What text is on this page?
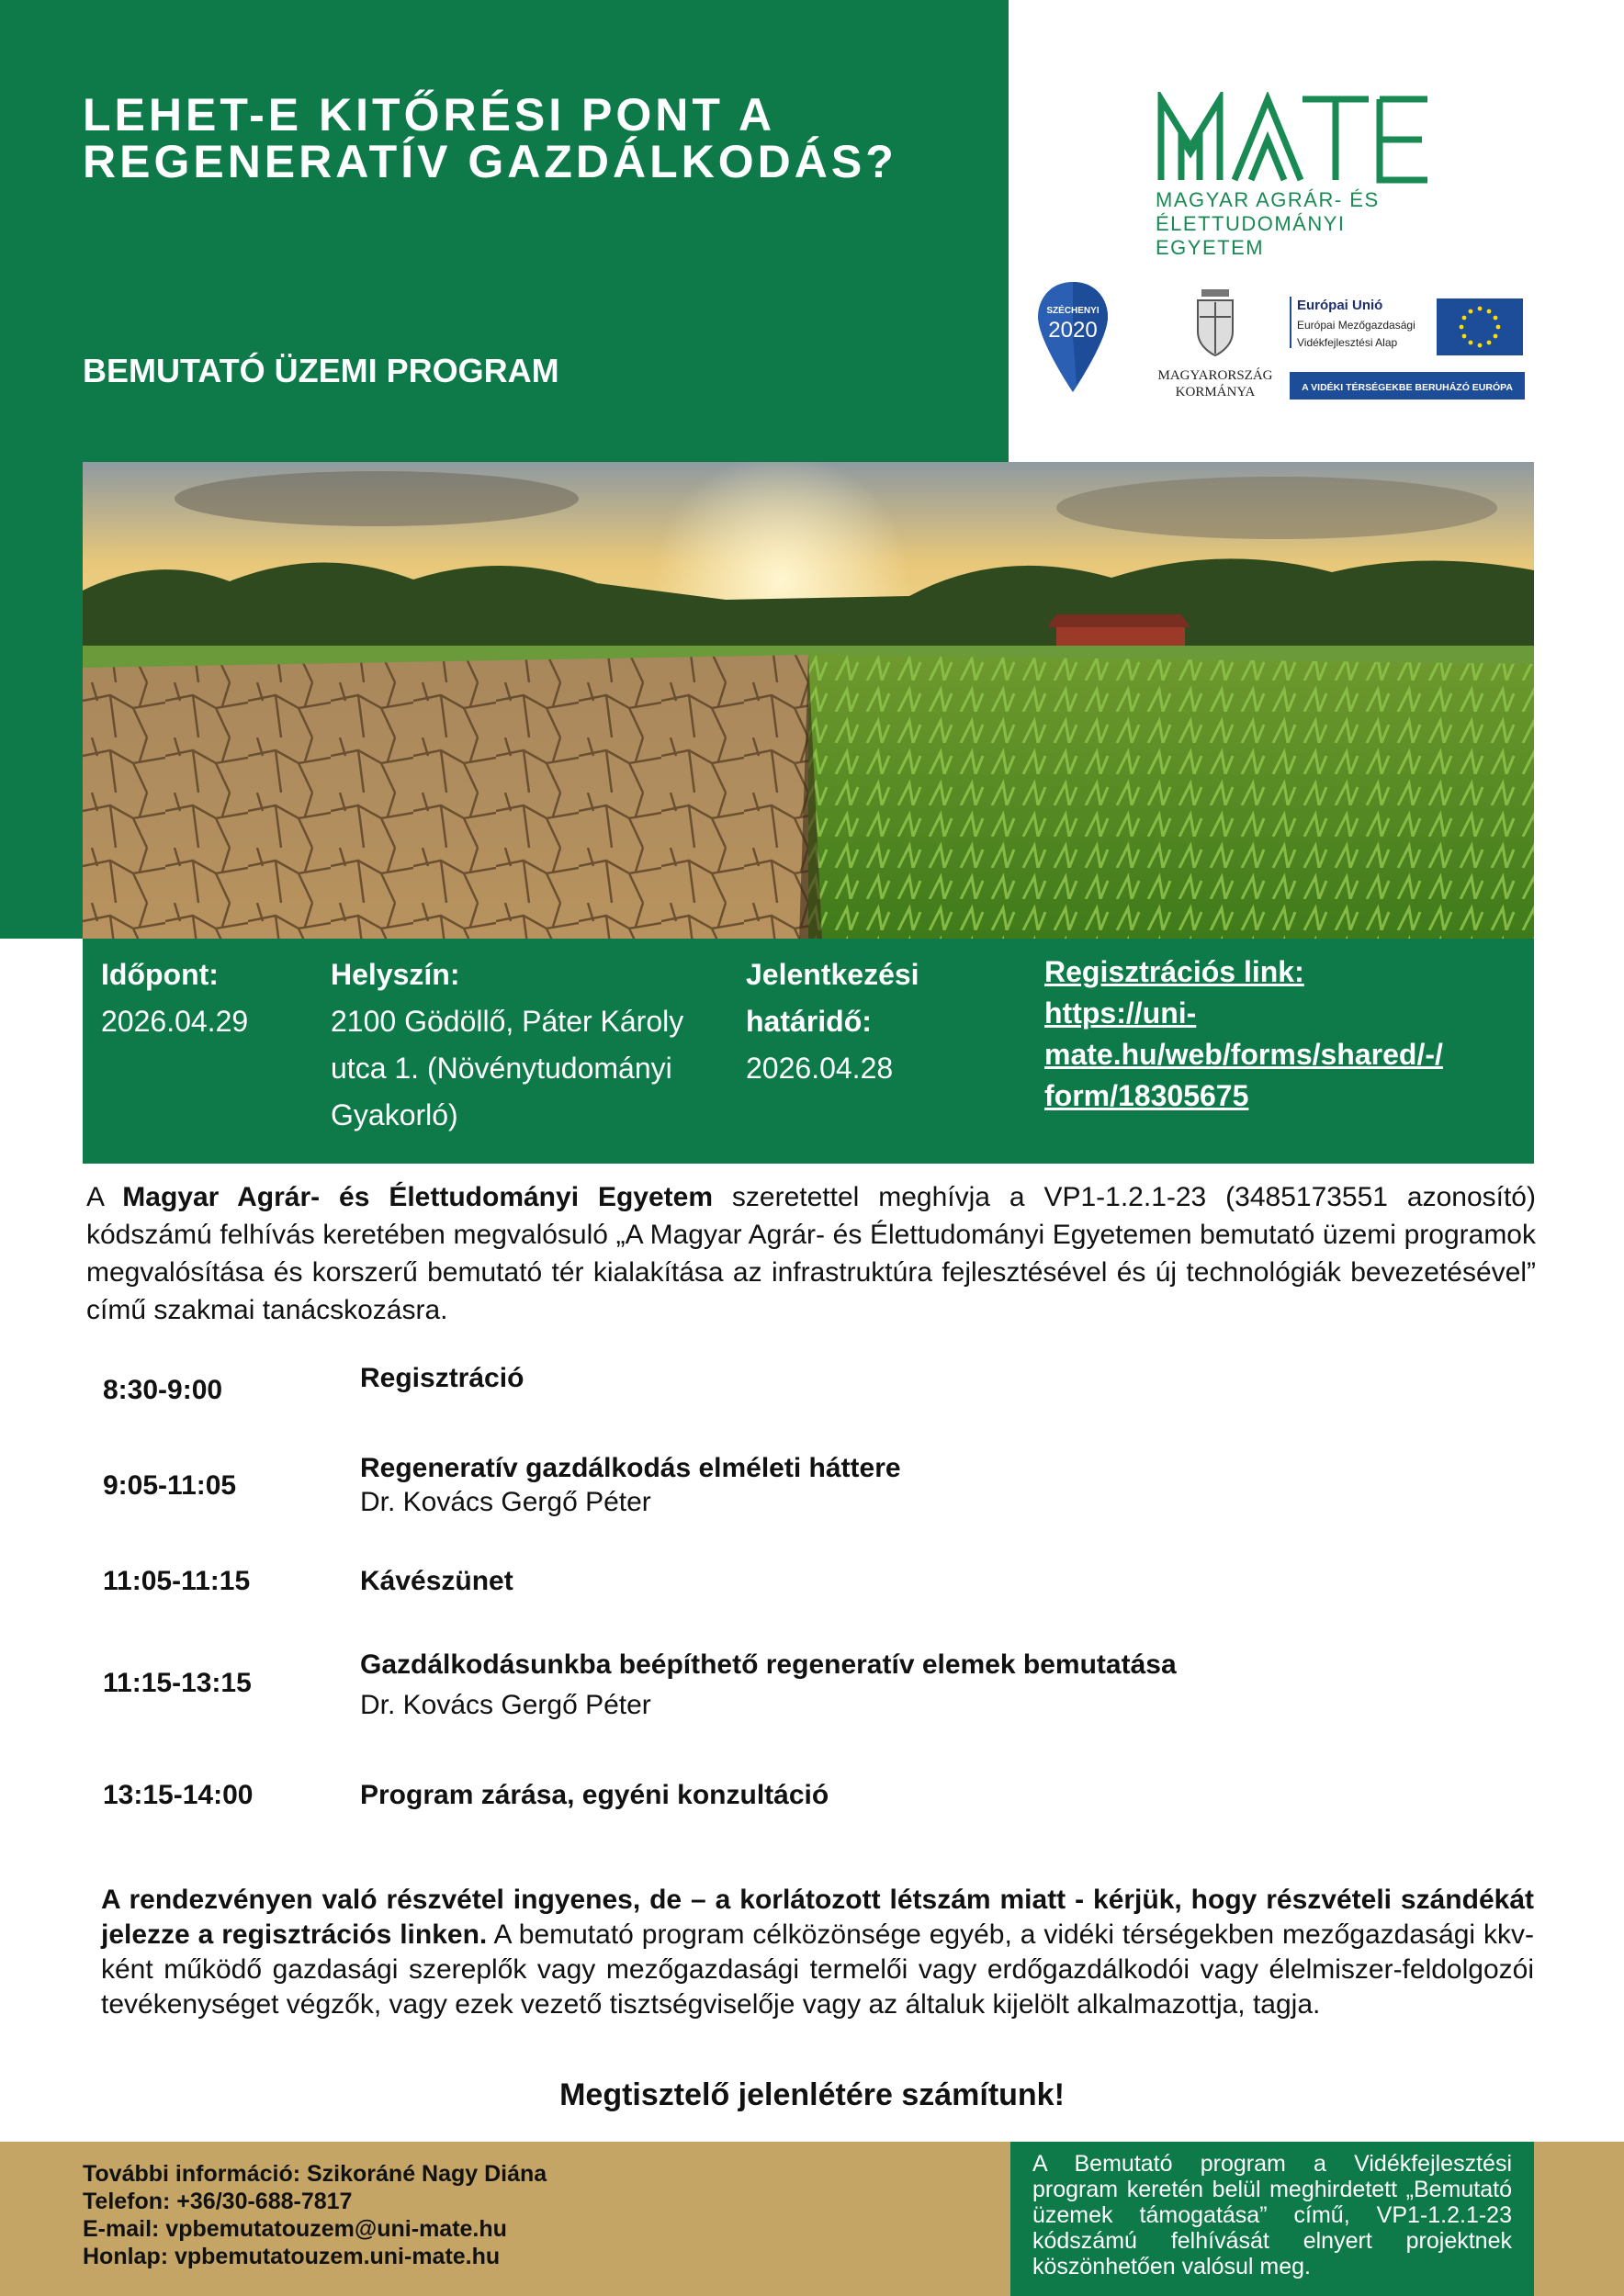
LEHET-E KITŐRÉSI PONT A REGENERATÍV GAZDÁLKODÁS?
BEMUTATÓ ÜZEMI PROGRAM
MAGYAR AGRÁR- ÉS
ÉLETTUDOMÁNYI EGYETEM
SZÉCHENYI
2020
MAGYARORSZÁG
KORMÁNYA
Európai Unió
Európai Mezőgazdasági
Vidékfejlesztési Alap
A VIDÉKI TÉRSÉGEKBE BERUHÁZÓ EURÓPA
Időpont:
2026.04.29
Helyszín:
2100 Gödöllő, Páter Károly
utca 1. (Növénytudományi
Gyakorló)
Jelentkezési
határidő:
2026.04.28
Regisztrációs link:
https://uni-
mate.hu/web/forms/shared/-/
form/18305675

A Magyar Agrár- és Élettudományi Egyetem szeretettel meghívja a VP1-1.2.1-23 (3485173551 azonosító) kódszámú felhívás keretében megvalósuló „A Magyar Agrár- és Élettudományi Egyetemen bemutató üzemi programok megvalósítása és korszerű bemutató tér kialakítása az infrastruktúra fejlesztésével és új technológiák bevezetésével” című szakmai tanácskozásra.

8:30-9:00	Regisztráció
9:05-11:05
Regeneratív gazdálkodás elméleti háttere
Dr. Kovács Gergő Péter
11:05-11:15	Kávészünet
11:15-13:15
Gazdálkodásunkba beépíthető regeneratív elemek bemutatása
Dr. Kovács Gergő Péter
13:15-14:00	Program zárása, egyéni konzultáció

A rendezvényen való részvétel ingyenes, de – a korlátozott létszám miatt - kérjük, hogy részvételi szándékát jelezze a regisztrációs linken. A bemutató program célközönsége egyéb, a vidéki térségekben mezőgazdasági kkv-ként működő gazdasági szereplők vagy mezőgazdasági termelői vagy erdőgazdálkodói vagy élelmiszer-feldolgozói tevékenységet végzők, vagy ezek vezető tisztségviselője vagy az általuk kijelölt alkalmazottja, tagja.

Megtisztelő jelenlétére számítunk!

További információ: Szikoráné Nagy Diána
Telefon: +36/30-688-7817
E-mail: vpbemutatouzem@uni-mate.hu
Honlap: vpbemutatouzem.uni-mate.hu

A Bemutató program a Vidékfejlesztési program keretén belül meghirdetett „Bemutató üzemek támogatása” című, VP1-1.2.1-23 kódszámú felhívását elnyert projektnek köszönhetően valósul meg.
